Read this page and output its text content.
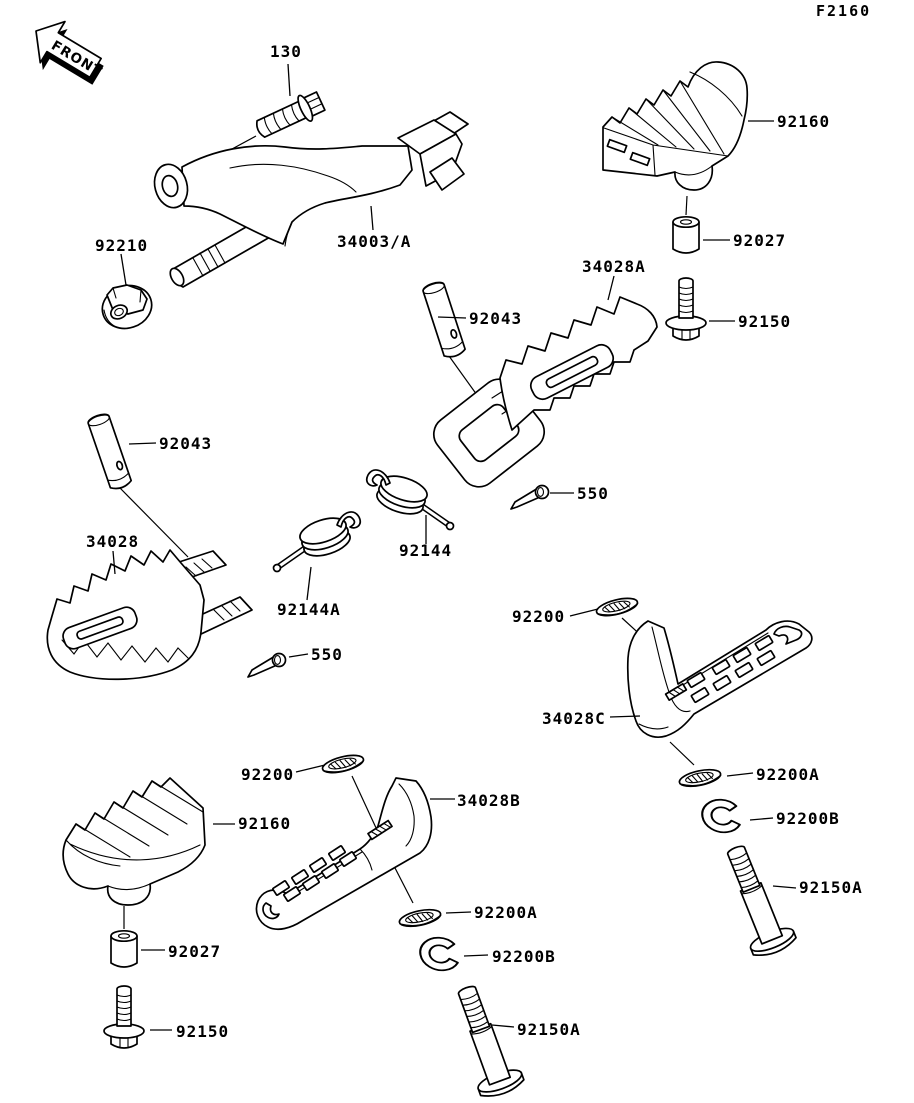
FRONT
F2160
130
92160
92210	34003/A	92027
34028A
92043	92150
92043
550
34028	92144
92144A
550
92200
34028C
92200A
92200B
92150A
92200
34028B
92160
92027
92200A
92150
92200B
92150A
